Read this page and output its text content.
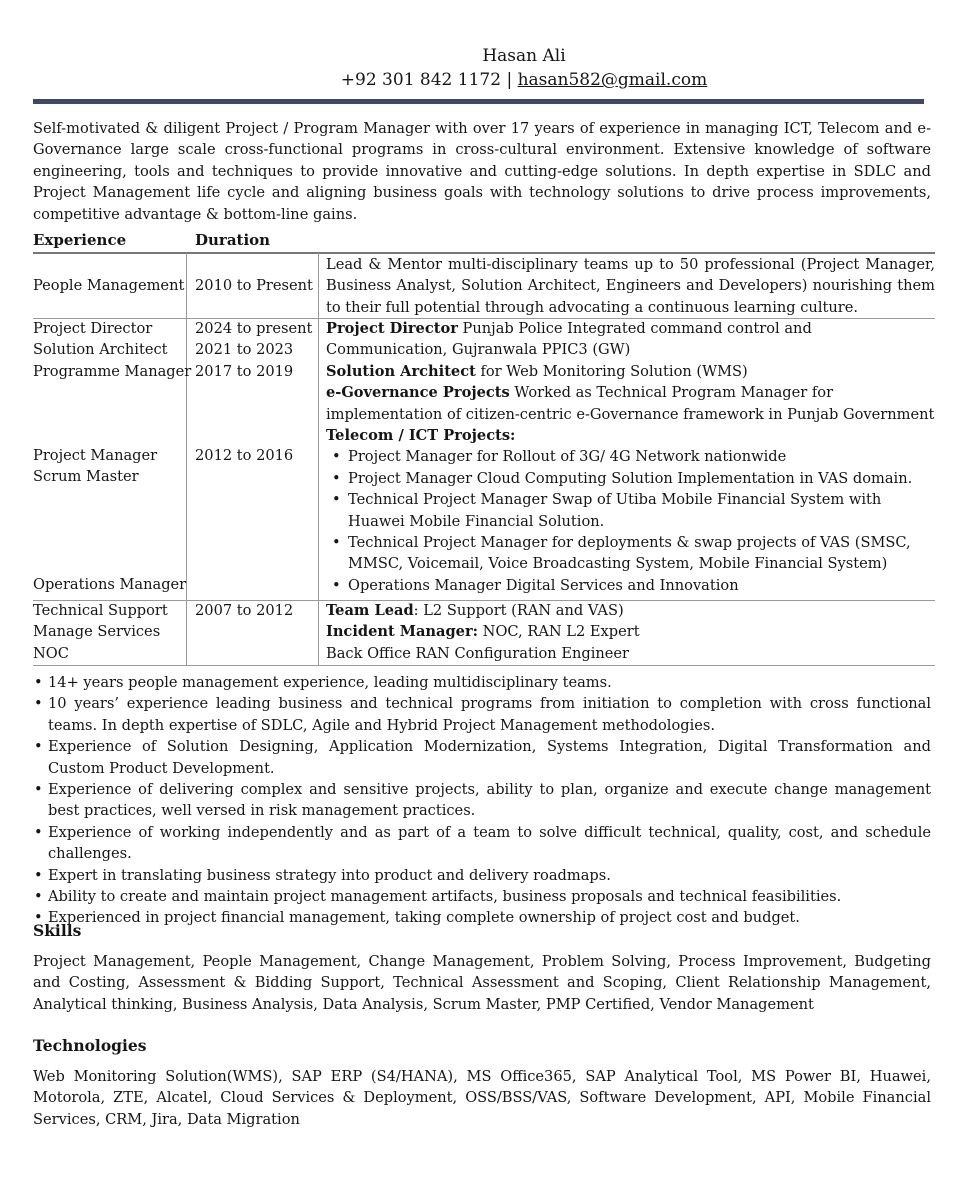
Hasan Ali
+92 301 842 1172 | hasan582@gmail.com
Self-motivated & diligent Project / Program Manager with over 17 years of experience in managing ICT, Telecom and e-Governance large scale cross-functional programs in cross-cultural environment. Extensive knowledge of software engineering, tools and techniques to provide innovative and cutting-edge solutions. In depth expertise in SDLC and Project Management life cycle and aligning business goals with technology solutions to drive process improvements, competitive advantage & bottom-line gains.
Experience	Duration
People Management 2010 to Present
Lead & Mentor multi-disciplinary teams up to 50 professional (Project Manager, Business Analyst, Solution Architect, Engineers and Developers) nourishing them to their full potential through advocating a continuous learning culture.

Project Director

Solution Architect

Programme Manager

2024 to present

2021 to 2023

2017 to 2019

Project Manager

Scrum Master

2012 to 2016
Operations Manager

Project Director Punjab Police Integrated command control and Communication, Gujranwala PPIC3 (GW)

Solution Architect for Web Monitoring Solution (WMS)

e-Governance Projects Worked as Technical Program Manager for implementation of citizen-centric e-Governance framework in Punjab Government

Telecom / ICT Projects:

• Project Manager for Rollout of 3G/ 4G Network nationwide
• Project Manager Cloud Computing Solution Implementation in VAS domain.
• Technical Project Manager Swap of Utiba Mobile Financial System with Huawei Mobile Financial Solution.
• Technical Project Manager for deployments & swap projects of VAS (SMSC, MMSC, Voicemail, Voice Broadcasting System, Mobile Financial System)
• Operations Manager Digital Services and Innovation

Technical Support

Manage Services

NOC

2007 to 2012 Team Lead: L2 Support (RAN and VAS)

Incident Manager: NOC, RAN L2 Expert

Back Office RAN Configuration Engineer

• 14+ years people management experience, leading multidisciplinary teams.
• 10 years’ experience leading business and technical programs from initiation to completion with cross functional teams. In depth expertise of SDLC, Agile and Hybrid Project Management methodologies.
• Experience of Solution Designing, Application Modernization, Systems Integration, Digital Transformation and Custom Product Development.
• Experience of delivering complex and sensitive projects, ability to plan, organize and execute change management best practices, well versed in risk management practices.
• Experience of working independently and as part of a team to solve difficult technical, quality, cost, and schedule challenges.
• Expert in translating business strategy into product and delivery roadmaps.
• Ability to create and maintain project management artifacts, business proposals and technical feasibilities.
• Experienced in project financial management, taking complete ownership of project cost and budget.
Skills
Project Management, People Management, Change Management, Problem Solving, Process Improvement, Budgeting and Costing, Assessment & Bidding Support, Technical Assessment and Scoping, Client Relationship Management, Analytical thinking, Business Analysis, Data Analysis, Scrum Master, PMP Certified, Vendor Management
Technologies
Web Monitoring Solution(WMS), SAP ERP (S4/HANA), MS Office365, SAP Analytical Tool, MS Power BI, Huawei, Motorola, ZTE, Alcatel, Cloud Services & Deployment, OSS/BSS/VAS, Software Development, API, Mobile Financial Services, CRM, Jira, Data Migration
